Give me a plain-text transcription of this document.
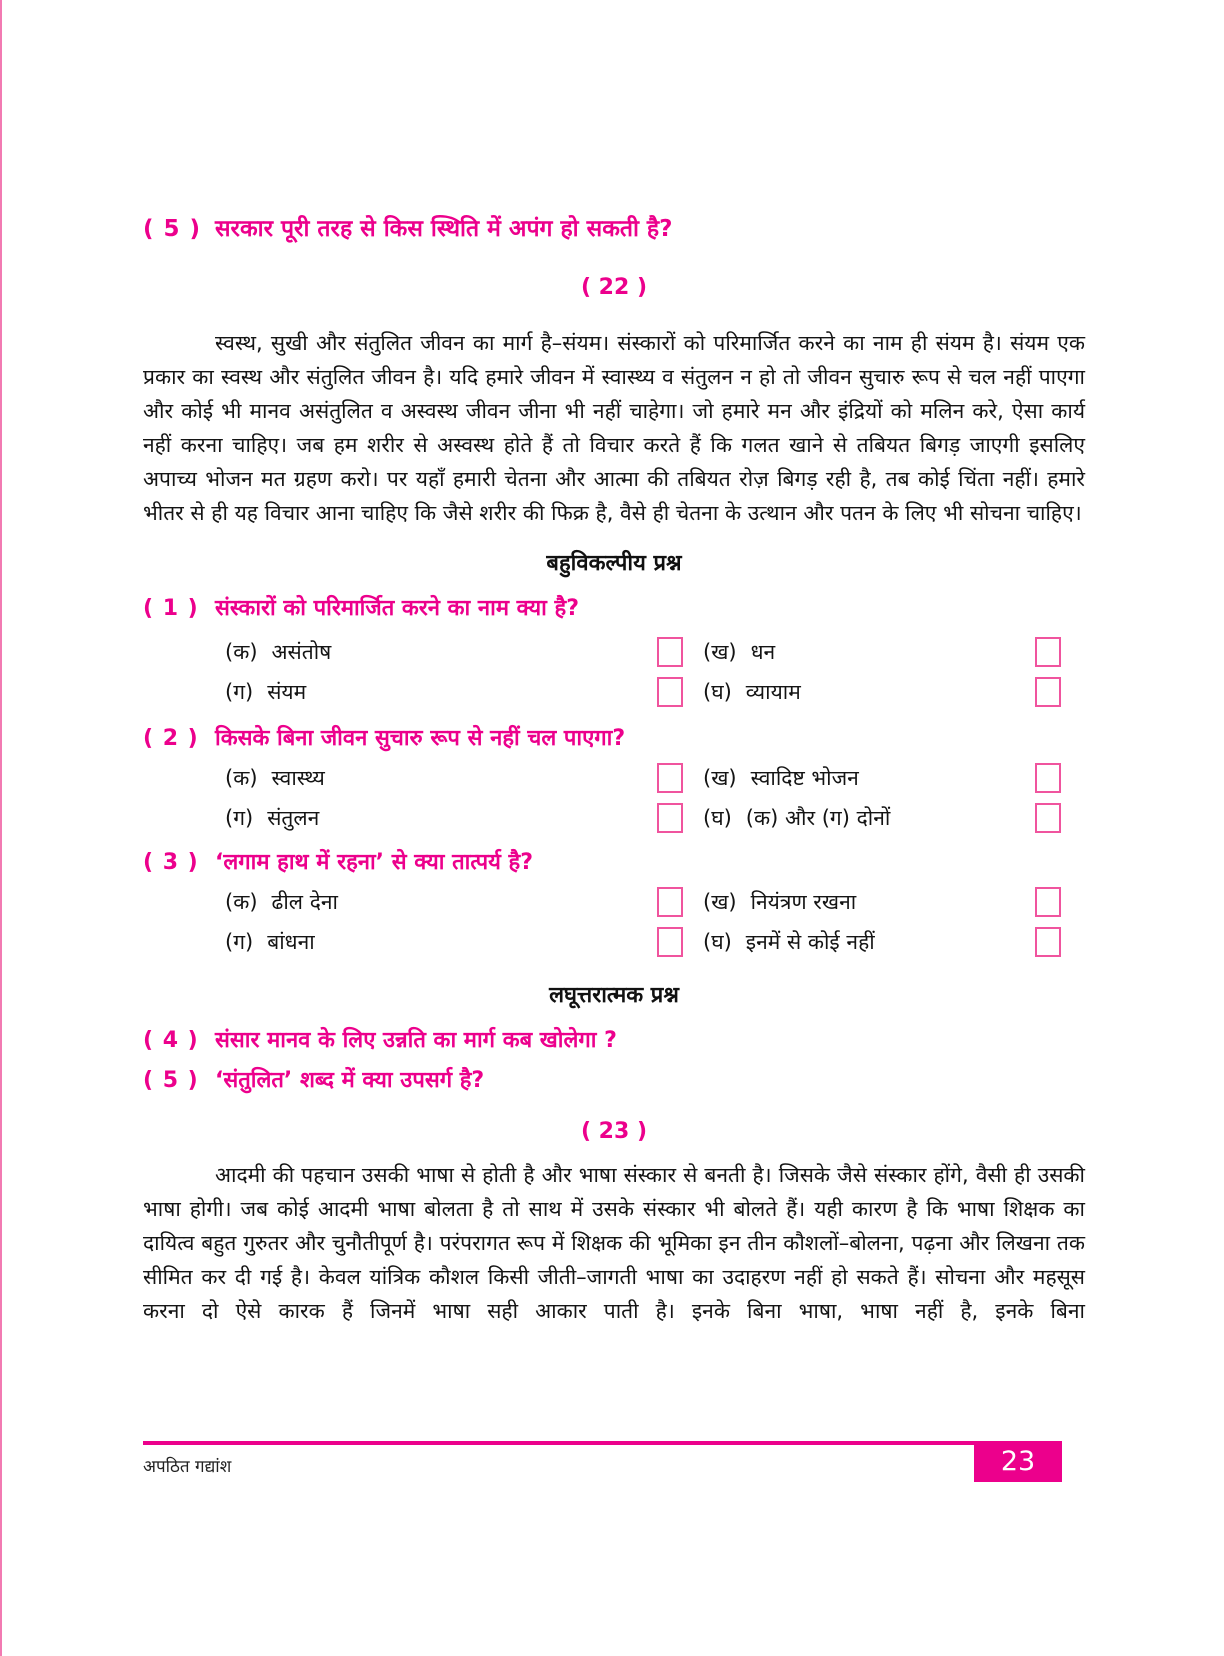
( 5 ) सरकार पूरी तरह से किस स्थिति में अपंग हो सकती है?
( 22 )

स्वस्थ, सुखी और संतुलित जीवन का मार्ग है–संयम। संस्कारों को परिमार्जित करने का नाम ही संयम है। संयम एक प्रकार का स्वस्थ और संतुलित जीवन है। यदि हमारे जीवन में स्वास्थ्य व संतुलन न हो तो जीवन सुचारु रूप से चल नहीं पाएगा और कोई भी मानव असंतुलित व अस्वस्थ जीवन जीना भी नहीं चाहेगा। जो हमारे मन और इंद्रियों को मलिन करे, ऐसा कार्य नहीं करना चाहिए। जब हम शरीर से अस्वस्थ होते हैं तो विचार करते हैं कि गलत खाने से तबियत बिगड़ जाएगी इसलिए अपाच्य भोजन मत ग्रहण करो। पर यहाँ हमारी चेतना और आत्मा की तबियत रोज़ बिगड़ रही है, तब कोई चिंता नहीं। हमारे भीतर से ही यह विचार आना चाहिए कि जैसे शरीर की फिक्र है, वैसे ही चेतना के उत्थान और पतन के लिए भी सोचना चाहिए।

बहुविकल्पीय प्रश्न
( 1 ) संस्कारों को परिमार्जित करने का नाम क्या है?
(क) असंतोष	(ख) धन
(ग) संयम	(घ) व्यायाम
( 2 ) किसके बिना जीवन सुचारु रूप से नहीं चल पाएगा?
(क) स्वास्थ्य	(ख) स्वादिष्ट भोजन
(ग) संतुलन	(घ) (क) और (ग) दोनों
( 3 ) ‘लगाम हाथ में रहना’ से क्या तात्पर्य है?
(क) ढील देना	(ख) नियंत्रण रखना
(ग) बांधना	(घ) इनमें से कोई नहीं
लघूत्तरात्मक प्रश्न
( 4 ) संसार मानव के लिए उन्नति का मार्ग कब खोलेगा ?
( 5 ) ‘संतुलित’ शब्द में क्या उपसर्ग है?
( 23 )

आदमी की पहचान उसकी भाषा से होती है और भाषा संस्कार से बनती है। जिसके जैसे संस्कार होंगे, वैसी ही उसकी भाषा होगी। जब कोई आदमी भाषा बोलता है तो साथ में उसके संस्कार भी बोलते हैं। यही कारण है कि भाषा शिक्षक का दायित्व बहुत गुरुतर और चुनौतीपूर्ण है। परंपरागत रूप में शिक्षक की भूमिका इन तीन कौशलों–बोलना, पढ़ना और लिखना तक सीमित कर दी गई है। केवल यांत्रिक कौशल किसी जीती–जागती भाषा का उदाहरण नहीं हो सकते हैं। सोचना और महसूस करना दो ऐसे कारक हैं जिनमें भाषा सही आकार पाती है। इनके बिना भाषा, भाषा नहीं है, इनके बिना

अपठित गद्यांश	23
